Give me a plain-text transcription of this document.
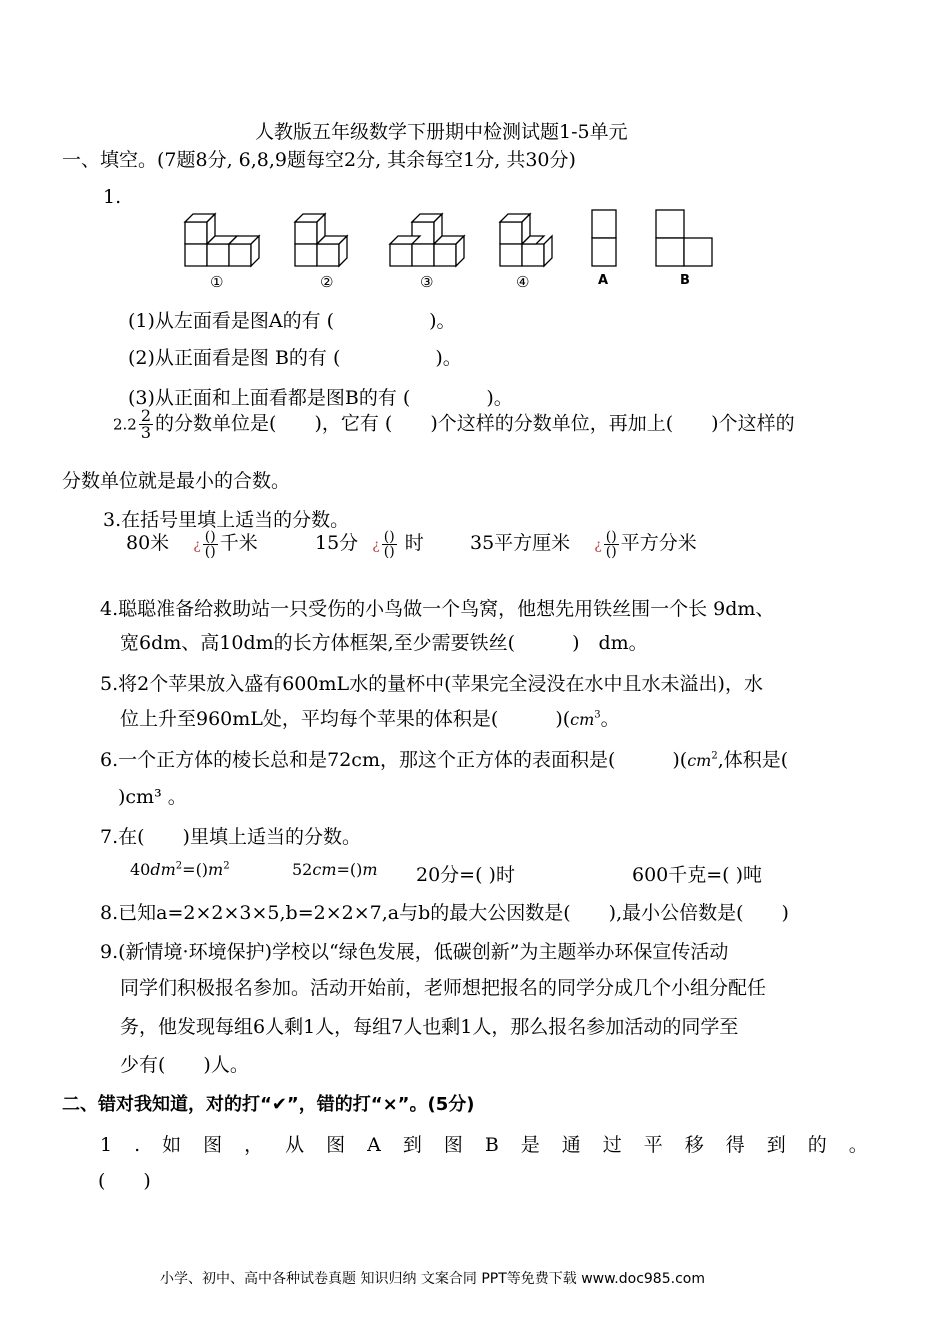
人教版五年级数学下册期中检测试题1-5单元
一、填空。(7题8分, 6,8,9题每空2分, 其余每空1分, 共30分)
1.
①	②	③	④	A	B
(1)从左面看是图A的有 (　　　　　)。
(2)从正面看是图 B的有 (　　　　　)。
(3)从正面和上面看都是图B的有 (　　　　)。
$2.2 \frac{2}{3}$ 的分数单位是(　　)，它有 (　　)个这样的分数单位，再加上(　　)个这样的
分数单位就是最小的合数。
3.在括号里填上适当的分数。
80米 ¿ $\frac{()}{()}$ 千米	15分 ¿ $\frac{()}{()}$ 时 35平方厘米 ¿ $\frac{()}{()}$ 平方分米
4.聪聪准备给救助站一只受伤的小鸟做一个鸟窝，他想先用铁丝围一个长 9dm、
宽6dm、高10dm的长方体框架,至少需要铁丝(　　　)　dm。
5.将2个苹果放入盛有600mL水的量杯中(苹果完全浸没在水中且水未溢出)，水
位上升至960mL处，平均每个苹果的体积是(　　　)($cm^3$。
6.一个正方体的棱长总和是72cm，那这个正方体的表面积是(　　　)($cm^2$,体积是(
)cm³ 。
7.在(　　)里填上适当的分数。
$40dm^2=()m^2$	52cm=()m 20分=( )时	600千克=( )吨
8.已知a=2×2×3×5,b=2×2×7,a与b的最大公因数是(　　),最小公倍数是(　　)
9.(新情境·环境保护)学校以“绿色发展，低碳创新”为主题举办环保宣传活动
同学们积极报名参加。活动开始前，老师想把报名的同学分成几个小组分配任
务，他发现每组6人剩1人，每组7人也剩1人，那么报名参加活动的同学至
少有(　　)人。
二、错对我知道，对的打“✔”，错的打“×”。(5分)
1.如图，从图A到图B是通过平移得到的。
(　　)
小学、初中、高中各种试卷真题 知识归纳 文案合同 PPT等免费下载 www.doc985.com
